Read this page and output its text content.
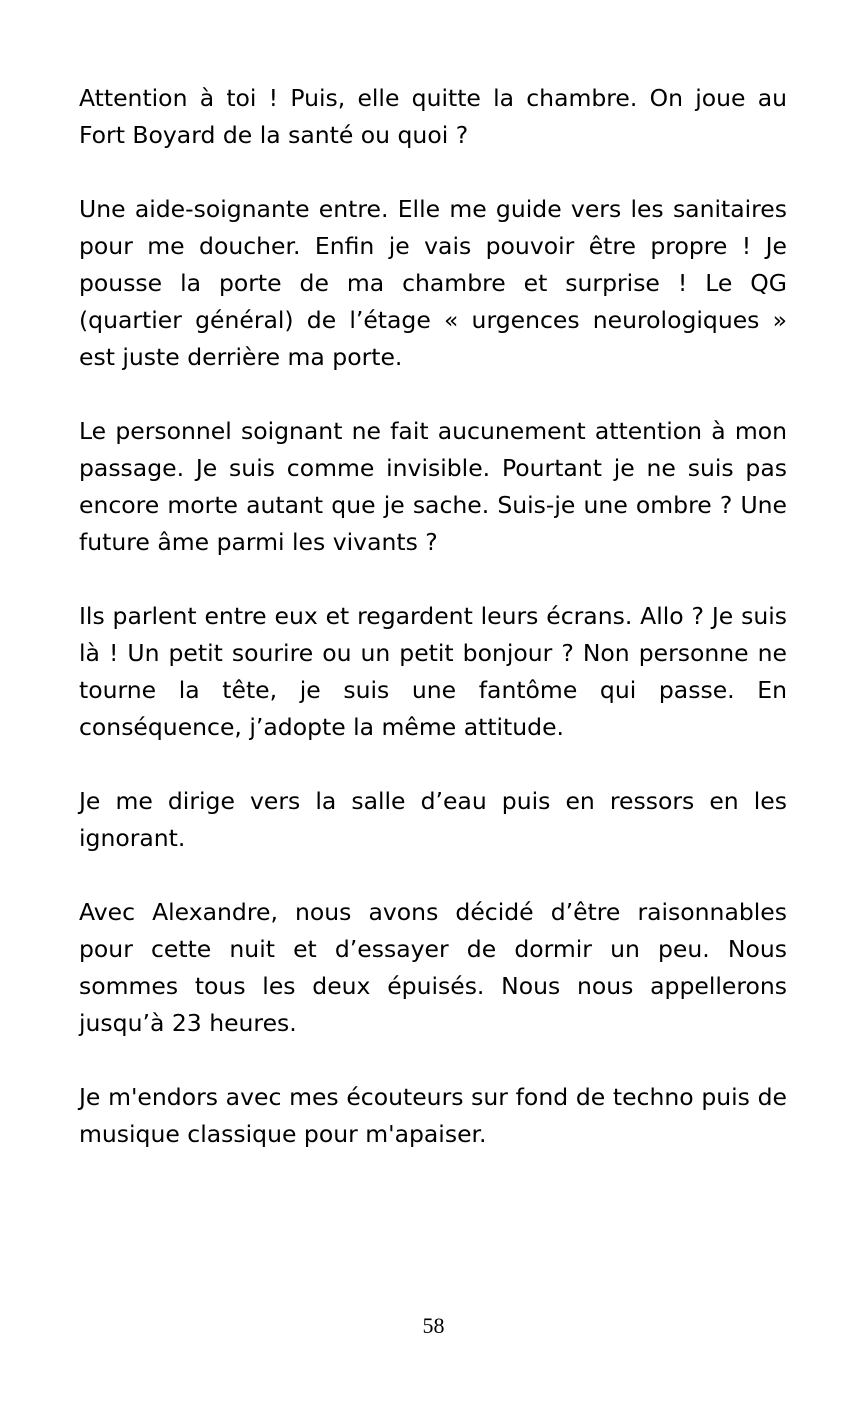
Attention à toi ! Puis, elle quitte la chambre. On joue au Fort Boyard de la santé ou quoi ?

Une aide-soignante entre. Elle me guide vers les sanitaires pour me doucher. Enfin je vais pouvoir être propre ! Je pousse la porte de ma chambre et surprise ! Le QG (quartier général) de l’étage « urgences neurologiques » est juste derrière ma porte.

Le personnel soignant ne fait aucunement attention à mon passage. Je suis comme invisible. Pourtant je ne suis pas encore morte autant que je sache. Suis-je une ombre ? Une future âme parmi les vivants ?

Ils parlent entre eux et regardent leurs écrans. Allo ? Je suis là ! Un petit sourire ou un petit bonjour ? Non personne ne tourne la tête, je suis une fantôme qui passe. En conséquence, j’adopte la même attitude.

Je me dirige vers la salle d’eau puis en ressors en les ignorant.

Avec Alexandre, nous avons décidé d’être raisonnables pour cette nuit et d’essayer de dormir un peu. Nous sommes tous les deux épuisés. Nous nous appellerons jusqu’à 23 heures.

Je m'endors avec mes écouteurs sur fond de techno puis de musique classique pour m'apaiser.

58
